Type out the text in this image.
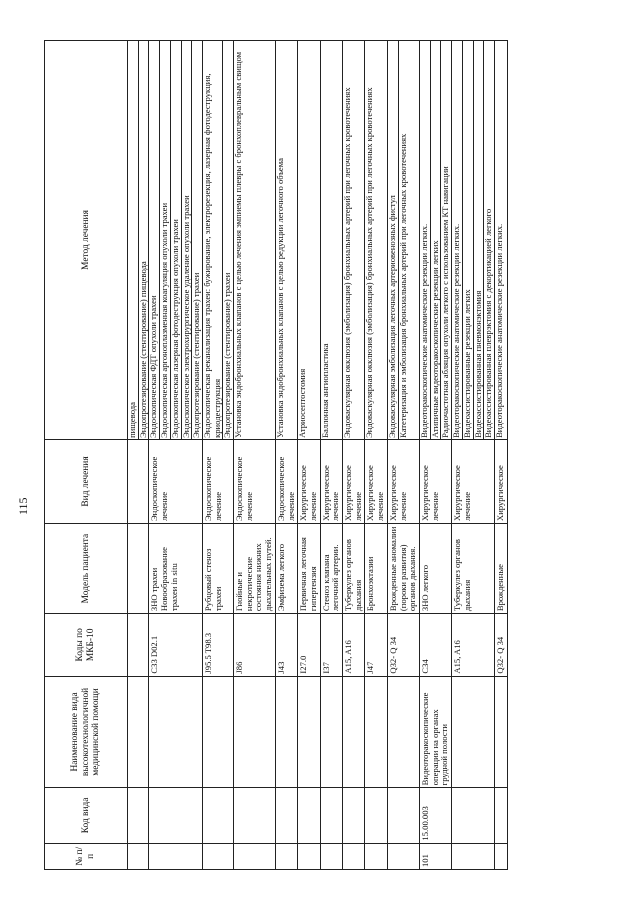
115
№ п/п	Код вида	Наименование вида высокотехнологичной медицинской помощи	Коды по МКБ-10	Модель пациента	Вид лечения	Метод лечения

						пищевода Эндопротезирование (стентирование) пищевода

			C33 D02.1	ЗНО трахеи Новообразование трахеи in situ	Эндоскопическое лечение	Эндоскопическая ФДТ опухоли трахеи Эндоскопическая аргоноплазменная коагуляция опухоли трахеи Эндоскопическая лазерная фотодеструкция опухоли трахеи Эндоскопическое электрохирургическое удаление опухоли трахеи Эндопротезирование (стентирование) трахеи

			J95.5 T98.3	Рубцовый стеноз трахеи	Эндоскопическое лечение	Эндоскопическая реканализация трахеи: бужирование, электрорезекция, лазерная фотодеструкция, криодеструкция Эндопротезирование (стентирование) трахеи

			J86	Гнойные и некротические состояния нижних дыхательных путей.	Эндоскопическое лечение	Установка эндобронхиальных клапанов с целью лечения эмпиемы плевры с бронхоплевральным свищом

			J43	Эмфизема легкого	Эндоскопическое лечение	Установка эндобронхиальных клапанов с целью редукции легочного объема

			I27.0	Первичная легочная гипертензия	Хирургическое лечение	Атриосептостомия

			I37	Стеноз клапана легочной артерии.	Хирургическое лечение	Баллонная ангиопластика

			A15, A16	Туберкулез органов дыхания	Хирургическое лечение	Эндоваскулярная окклюзия (эмболизация) бронхиальных артерий при легочных кровотечениях

			J47	Бронхоэктазии	Хирургическое лечение	Эндоваскулярная окклюзия (эмболизация) бронхиальных артерий при легочных кровотечениях

			Q32- Q 34	Врожденные аномалии (пороки развития) органов дыхания.	Хирургическое лечение	Эндоваскулярная эмболизация легочных артериовенозных фистул Катетеризация и эмболизация бронхиальных артерий при легочных кровотечениях

101	15.00.003	Видеоторакоскопические операции на органах грудной полости	C34	ЗНО легкого	Хирургическое лечение	Видеоторакоскопические анатомические резекции легких. Атипичные видеоторакоскопические резекции легких Радиочастотная абляция опухоли легкого с использованием КТ навигации

			A15, A16	Туберкулез органов дыхания	Хирургическое лечение	Видеоторакоскопические анатомические резекции легких. Видеоассистированные резекции легких Видеоассистированная пневмонэктомия Видеоассистированная плеврэктомия с декортикацией легкого

			Q32- Q 34	Врожденные	Хирургическое	Видеоторакоскопические анатомические резекции легких.
